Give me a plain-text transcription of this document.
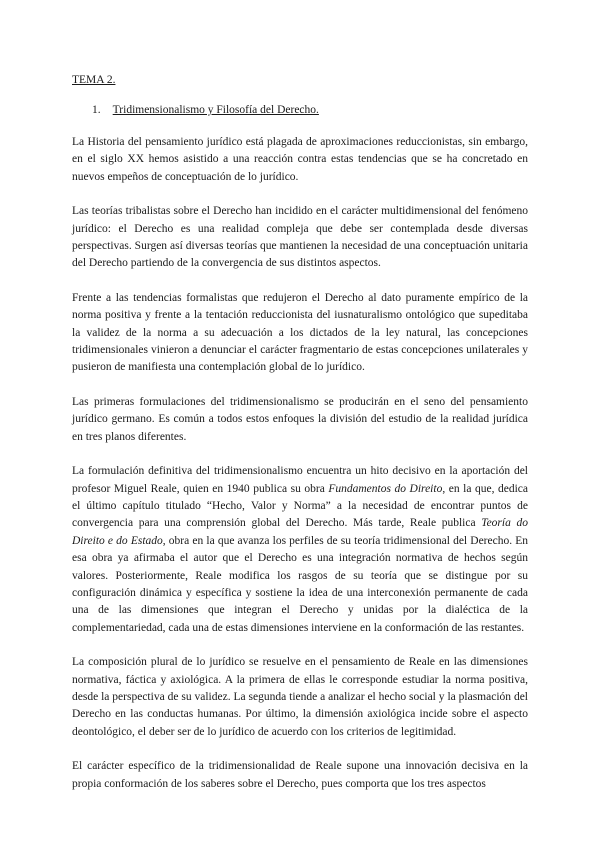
TEMA 2.
1. Tridimensionalismo y Filosofía del Derecho.

La Historia del pensamiento jurídico está plagada de aproximaciones reduccionistas, sin embargo, en el siglo XX hemos asistido a una reacción contra estas tendencias que se ha concretado en nuevos empeños de conceptuación de lo jurídico.

Las teorías tribalistas sobre el Derecho han incidido en el carácter multidimensional del fenómeno jurídico: el Derecho es una realidad compleja que debe ser contemplada desde diversas perspectivas. Surgen así diversas teorías que mantienen la necesidad de una conceptuación unitaria del Derecho partiendo de la convergencia de sus distintos aspectos.

Frente a las tendencias formalistas que redujeron el Derecho al dato puramente empírico de la norma positiva y frente a la tentación reduccionista del iusnaturalismo ontológico que supeditaba la validez de la norma a su adecuación a los dictados de la ley natural, las concepciones tridimensionales vinieron a denunciar el carácter fragmentario de estas concepciones unilaterales y pusieron de manifiesta una contemplación global de lo jurídico.

Las primeras formulaciones del tridimensionalismo se producirán en el seno del pensamiento jurídico germano. Es común a todos estos enfoques la división del estudio de la realidad jurídica en tres planos diferentes.

La formulación definitiva del tridimensionalismo encuentra un hito decisivo en la aportación del profesor Miguel Reale, quien en 1940 publica su obra Fundamentos do Direito, en la que, dedica el último capítulo titulado “Hecho, Valor y Norma” a la necesidad de encontrar puntos de convergencia para una comprensión global del Derecho. Más tarde, Reale publica Teoría do Direito e do Estado, obra en la que avanza los perfiles de su teoría tridimensional del Derecho. En esa obra ya afirmaba el autor que el Derecho es una integración normativa de hechos según valores. Posteriormente, Reale modifica los rasgos de su teoría que se distingue por su configuración dinámica y específica y sostiene la idea de una interconexión permanente de cada una de las dimensiones que integran el Derecho y unidas por la dialéctica de la complementariedad, cada una de estas dimensiones interviene en la conformación de las restantes.

La composición plural de lo jurídico se resuelve en el pensamiento de Reale en las dimensiones normativa, fáctica y axiológica. A la primera de ellas le corresponde estudiar la norma positiva, desde la perspectiva de su validez. La segunda tiende a analizar el hecho social y la plasmación del Derecho en las conductas humanas. Por último, la dimensión axiológica incide sobre el aspecto deontológico, el deber ser de lo jurídico de acuerdo con los criterios de legitimidad.

El carácter específico de la tridimensionalidad de Reale supone una innovación decisiva en la propia conformación de los saberes sobre el Derecho, pues comporta que los tres aspectos
